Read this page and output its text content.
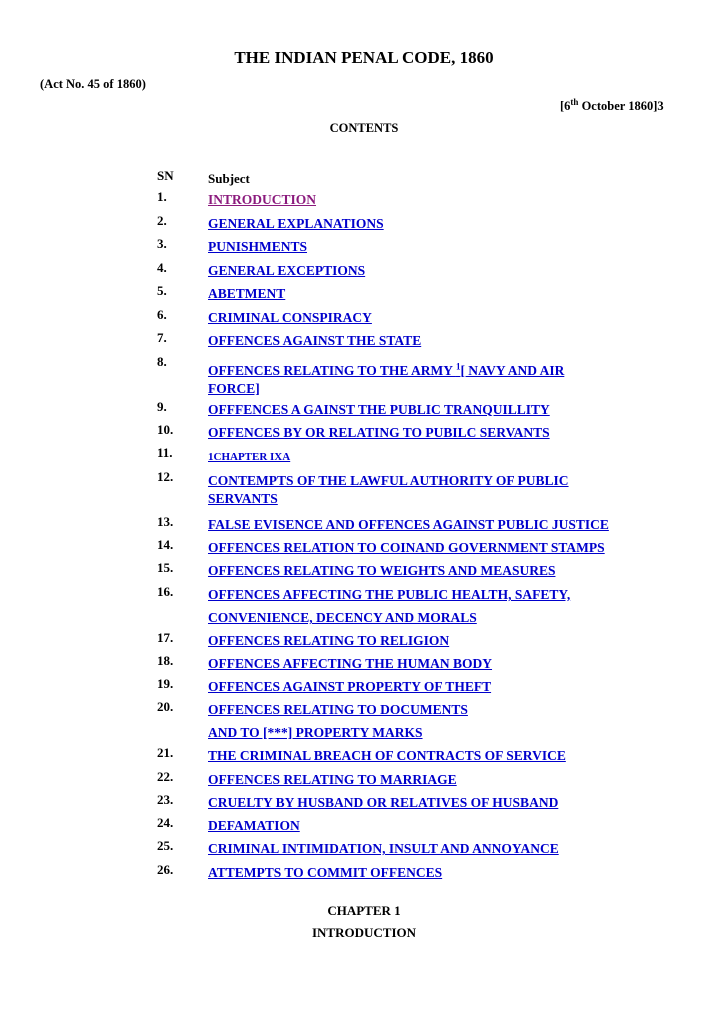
THE INDIAN PENAL CODE, 1860
(Act No. 45 of 1860)
[6th October 1860]3
CONTENTS
SN	Subject
1.	INTRODUCTION
2.	GENERAL EXPLANATIONS
3.	PUNISHMENTS
4.	GENERAL EXCEPTIONS
5.	ABETMENT
6.	CRIMINAL CONSPIRACY
7.	OFFENCES AGAINST THE STATE
8.
OFFENCES RELATING TO THE ARMY $^1$[ NAVY AND AIR
FORCE]
9.	OFFFENCES A GAINST THE PUBLIC TRANQUILLITY
10.	OFFENCES BY OR RELATING TO PUBILC SERVANTS
11.	1CHAPTER IXA
12.	CONTEMPTS OF THE LAWFUL AUTHORITY OF PUBLIC
SERVANTS
13.	FALSE EVISENCE AND OFFENCES AGAINST PUBLIC JUSTICE
14.	OFFENCES RELATION TO COINAND GOVERNMENT STAMPS
15.	OFFENCES RELATING TO WEIGHTS AND MEASURES
16.	OFFENCES AFFECTING THE PUBLIC HEALTH, SAFETY,
CONVENIENCE, DECENCY AND MORALS
17.	OFFENCES RELATING TO RELIGION
18.	OFFENCES AFFECTING THE HUMAN BODY
19.	OFFENCES AGAINST PROPERTY OF THEFT
20.	OFFENCES RELATING TO DOCUMENTS
AND TO [***] PROPERTY MARKS
21.	THE CRIMINAL BREACH OF CONTRACTS OF SERVICE
22.	OFFENCES RELATING TO MARRIAGE
23.	CRUELTY BY HUSBAND OR RELATIVES OF HUSBAND
24.	DEFAMATION
25.	CRIMINAL INTIMIDATION, INSULT AND ANNOYANCE
26.	ATTEMPTS TO COMMIT OFFENCES
CHAPTER 1
INTRODUCTION
